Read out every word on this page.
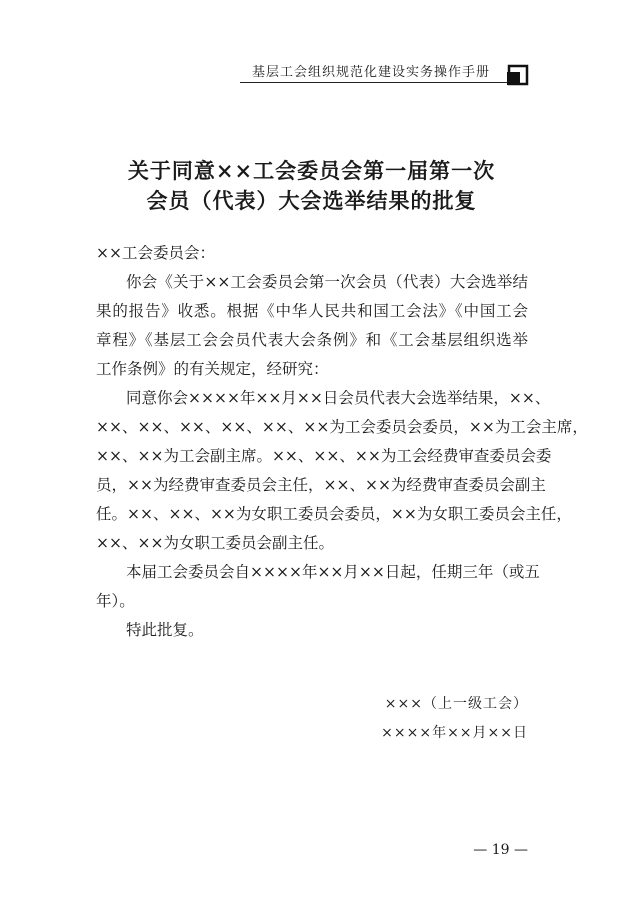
基层工会组织规范化建设实务操作手册
关于同意××工会委员会第一届第一次
会员（代表）大会选举结果的批复
××工会委员会：
你会《关于××工会委员会第一次会员（代表）大会选举结
果的报告》收悉。根据《中华人民共和国工会法》《中国工会
章程》《基层工会会员代表大会条例》和《工会基层组织选举
工作条例》的有关规定，经研究：
同意你会××××年××月××日会员代表大会选举结果，××、
××、××、××、××、××、××为工会委员会委员，××为工会主席，
××、××为工会副主席。××、××、××为工会经费审查委员会委
员，××为经费审查委员会主任，××、××为经费审查委员会副主
任。××、××、××为女职工委员会委员，××为女职工委员会主任，
××、××为女职工委员会副主任。
本届工会委员会自××××年××月××日起，任期三年（或五
年）。
特此批复。
×××（上一级工会）
××××年××月××日
— 19 —
